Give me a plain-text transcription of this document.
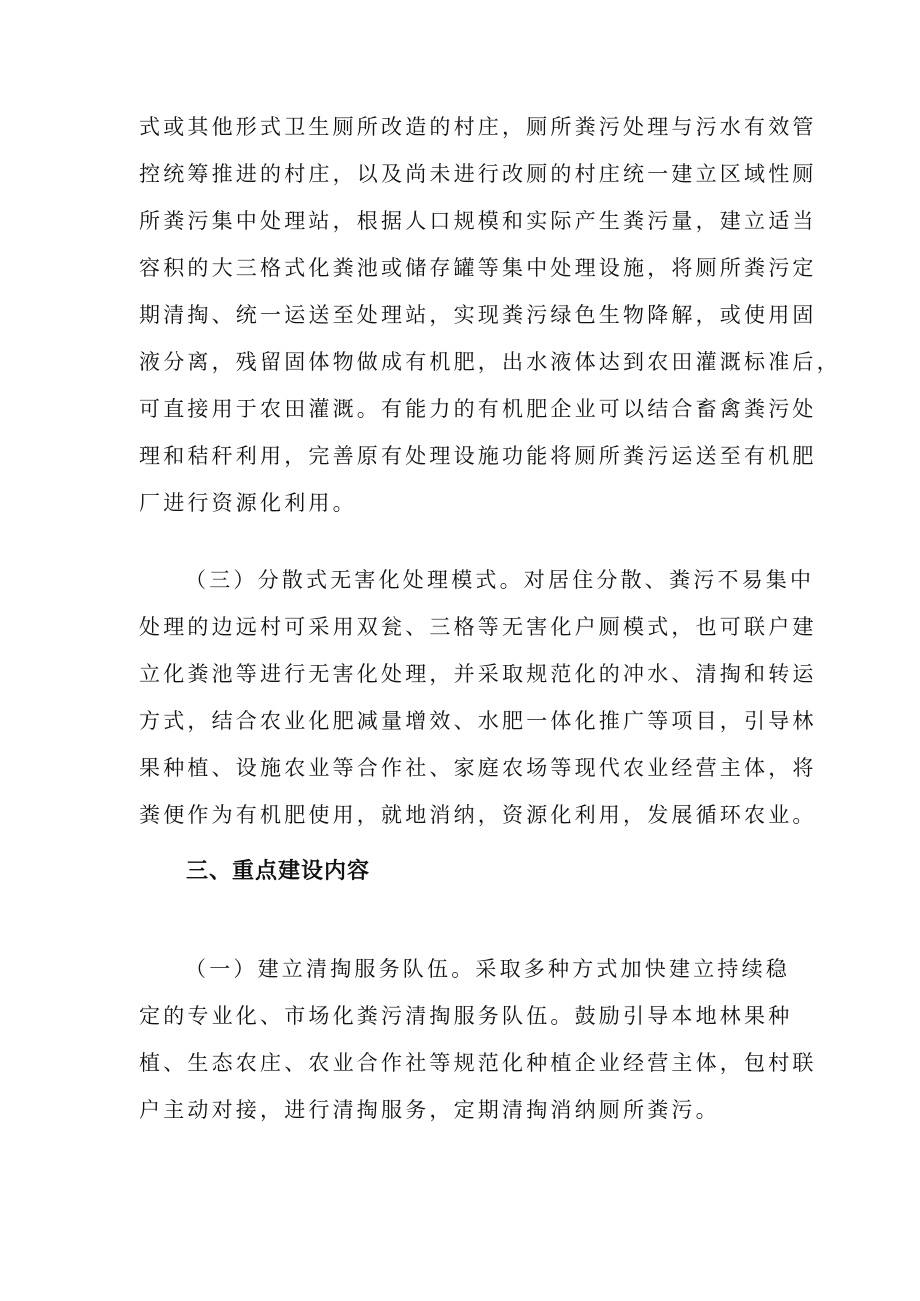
式或其他形式卫生厕所改造的村庄，厕所粪污处理与污水有效管
控统筹推进的村庄，以及尚未进行改厕的村庄统一建立区域性厕
所粪污集中处理站，根据人口规模和实际产生粪污量，建立适当
容积的大三格式化粪池或储存罐等集中处理设施，将厕所粪污定
期清掏、统一运送至处理站，实现粪污绿色生物降解，或使用固
液分离，残留固体物做成有机肥，出水液体达到农田灌溉标准后，
可直接用于农田灌溉。有能力的有机肥企业可以结合畜禽粪污处
理和秸秆利用，完善原有处理设施功能将厕所粪污运送至有机肥
厂进行资源化利用。
（三）分散式无害化处理模式。对居住分散、粪污不易集中
处理的边远村可采用双瓮、三格等无害化户厕模式，也可联户建
立化粪池等进行无害化处理，并采取规范化的冲水、清掏和转运
方式，结合农业化肥减量增效、水肥一体化推广等项目，引导林
果种植、设施农业等合作社、家庭农场等现代农业经营主体，将
粪便作为有机肥使用，就地消纳，资源化利用，发展循环农业。
三、重点建设内容
（一）建立清掏服务队伍。采取多种方式加快建立持续稳
定的专业化、市场化粪污清掏服务队伍。鼓励引导本地林果种
植、生态农庄、农业合作社等规范化种植企业经营主体，包村联
户主动对接，进行清掏服务，定期清掏消纳厕所粪污。
